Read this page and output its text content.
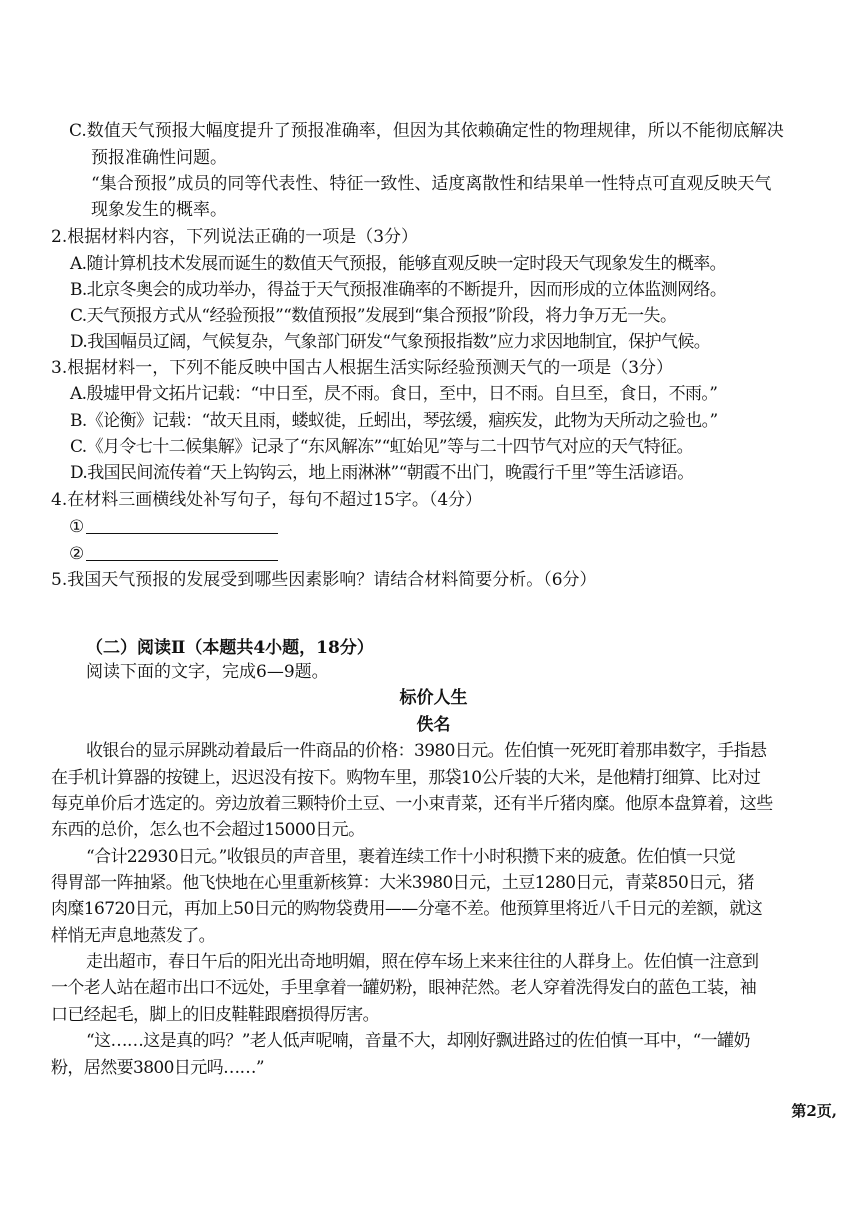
C.数值天气预报大幅度提升了预报准确率，但因为其依赖确定性的物理规律，所以不能彻底解决
预报准确性问题。
“集合预报”成员的同等代表性、特征一致性、适度离散性和结果单一性特点可直观反映天气
现象发生的概率。
2.根据材料内容，下列说法正确的一项是（3分）
A.随计算机技术发展而诞生的数值天气预报，能够直观反映一定时段天气现象发生的概率。
B.北京冬奥会的成功举办，得益于天气预报准确率的不断提升，因而形成的立体监测网络。
C.天气预报方式从“经验预报”“数值预报”发展到“集合预报”阶段，将力争万无一失。
D.我国幅员辽阔，气候复杂，气象部门研发“气象预报指数”应力求因地制宜，保护气候。
3.根据材料一，下列不能反映中国古人根据生活实际经验预测天气的一项是（3分）
A.殷墟甲骨文拓片记载：“中日至，昃不雨。食日，至中，日不雨。自旦至，食日，不雨。”
B.《论衡》记载：“故天且雨，蝼蚁徙，丘蚓出，琴弦缓，痼疾发，此物为天所动之验也。”
C.《月令七十二候集解》记录了“东风解冻”“虹始见”等与二十四节气对应的天气特征。
D.我国民间流传着“天上钩钩云，地上雨淋淋”“朝霞不出门，晚霞行千里”等生活谚语。
4.在材料三画横线处补写句子，每句不超过15字。（4分）
①
②
5.我国天气预报的发展受到哪些因素影响？请结合材料简要分析。（6分）
（二）阅读Ⅱ（本题共4小题，18分）
阅读下面的文字，完成6—9题。
标价人生
佚名
收银台的显示屏跳动着最后一件商品的价格：3980日元。佐伯慎一死死盯着那串数字，手指悬
在手机计算器的按键上，迟迟没有按下。购物车里，那袋10公斤装的大米，是他精打细算、比对过
每克单价后才选定的。旁边放着三颗特价土豆、一小束青菜，还有半斤猪肉糜。他原本盘算着，这些
东西的总价，怎么也不会超过15000日元。
“合计22930日元。”收银员的声音里，裹着连续工作十小时积攒下来的疲惫。佐伯慎一只觉
得胃部一阵抽紧。他飞快地在心里重新核算：大米3980日元，土豆1280日元，青菜850日元，猪
肉糜16720日元，再加上50日元的购物袋费用——分毫不差。他预算里将近八千日元的差额，就这
样悄无声息地蒸发了。
走出超市，春日午后的阳光出奇地明媚，照在停车场上来来往往的人群身上。佐伯慎一注意到
一个老人站在超市出口不远处，手里拿着一罐奶粉，眼神茫然。老人穿着洗得发白的蓝色工装，袖
口已经起毛，脚上的旧皮鞋鞋跟磨损得厉害。
“这……这是真的吗？”老人低声呢喃，音量不大，却刚好飘进路过的佐伯慎一耳中，“一罐奶
粉，居然要3800日元吗……”
第2页,
